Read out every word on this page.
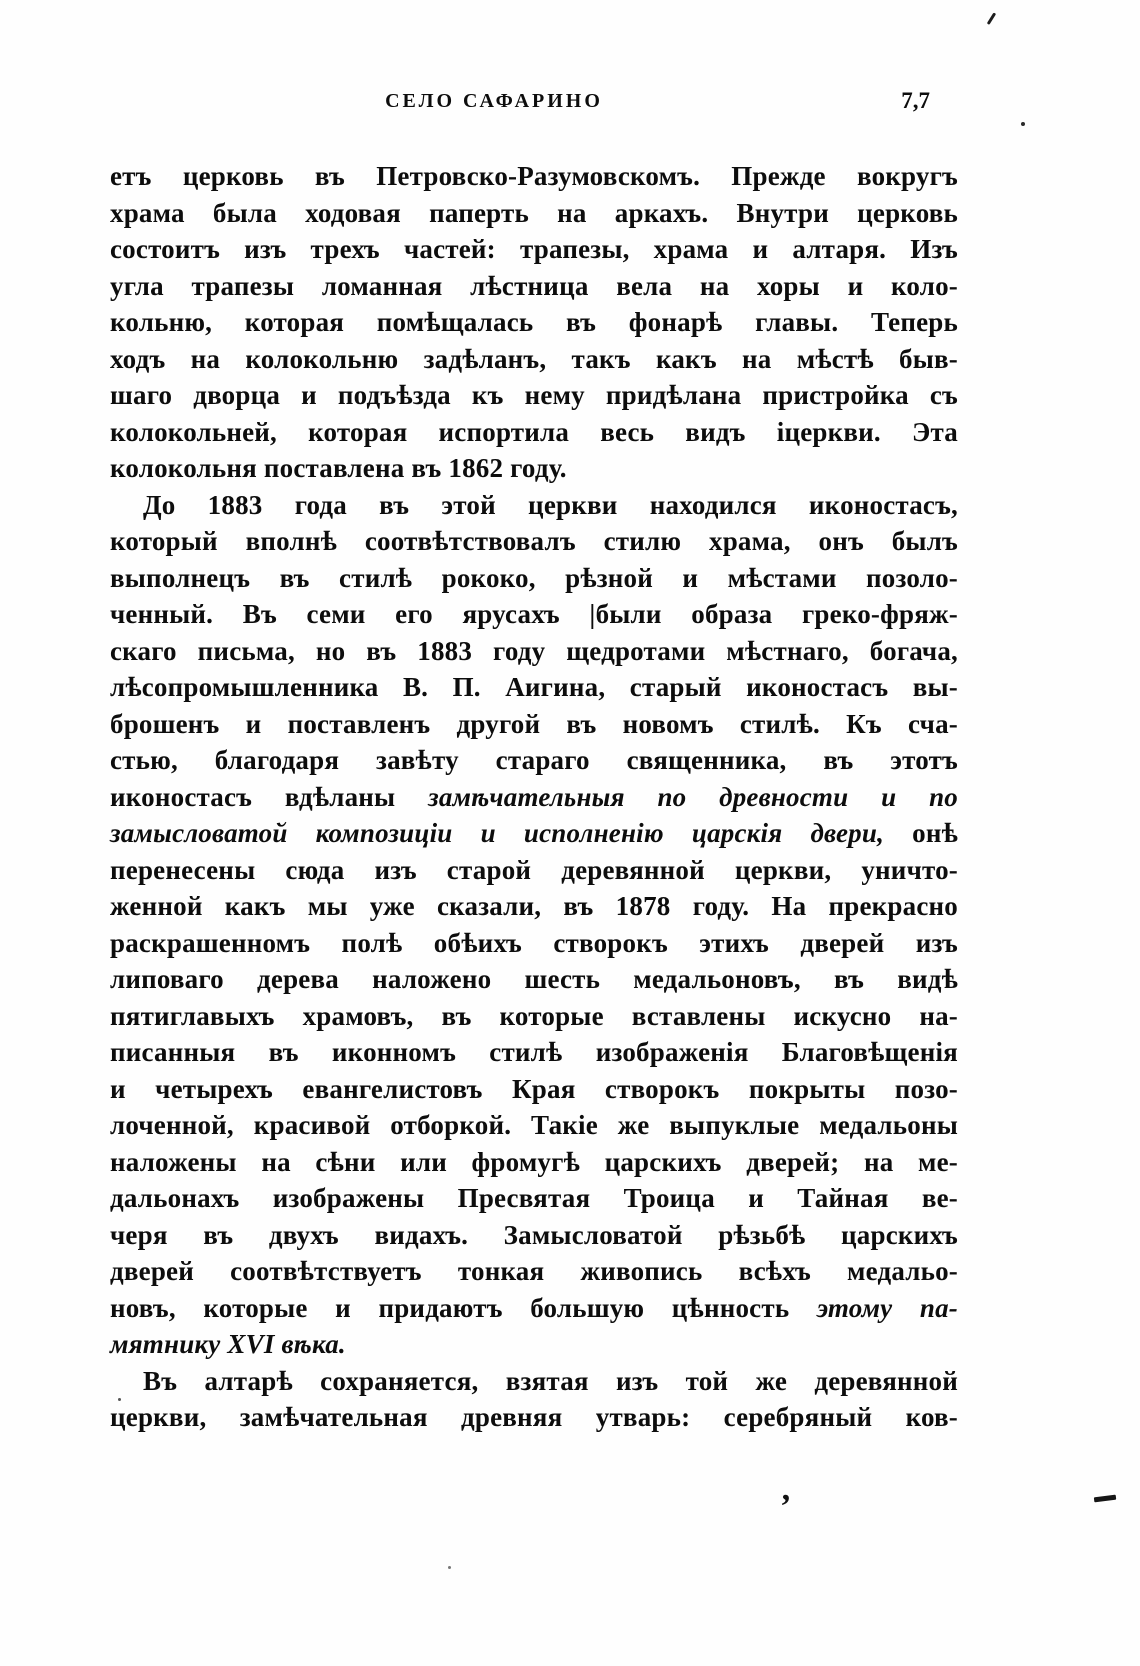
СЕЛО САФАРИНО	7,7
етъ церковь въ Петровско-Разумовскомъ. Прежде вокругъ
храма была ходовая паперть на аркахъ. Внутри церковь
состоитъ изъ трехъ частей: трапезы, храма и алтаря. Изъ
угла трапезы ломанная лѣстница вела на хоры и коло-
кольню, которая помѣщалась въ фонарѣ главы. Теперь
ходъ на колокольню задѣланъ, такъ какъ на мѣстѣ быв-
шаго дворца и подъѣзда къ нему придѣлана пристройка съ
колокольней, которая испортила весь видъ іцеркви. Эта
колокольня поставлена въ 1862 году.
До 1883 года въ этой церкви находился иконостасъ,
который вполнѣ соотвѣтствовалъ стилю храма, онъ былъ
выполнецъ въ стилѣ рококо, рѣзной и мѣстами позоло-
ченный. Въ семи его ярусахъ |были образа греко-фряж-
скаго письма, но въ 1883 году щедротами мѣстнаго, богача,
лѣсопромышленника В. П. Аигина, старый иконостасъ вы-
брошенъ и поставленъ другой въ новомъ стилѣ. Къ сча-
стью, благодаря завѣту стараго священника, въ этотъ
иконостасъ вдѣланы замѣчательныя по древности и по
замысловатой композиціи и исполненію царскія двери, онѣ
перенесены сюда изъ старой деревянной церкви, уничто-
женной какъ мы уже сказали, въ 1878 году. На прекрасно
раскрашенномъ полѣ обѣихъ створокъ этихъ дверей изъ
липоваго дерева наложено шесть медальоновъ, въ видѣ
пятиглавыхъ храмовъ, въ которые вставлены искусно на-
писанныя въ иконномъ стилѣ изображенія Благовѣщенія
и четырехъ евангелистовъ Края створокъ покрыты позо-
лоченной, красивой отборкой. Такіе же выпуклые медальоны
наложены на сѣни или фромугѣ царскихъ дверей; на ме-
дальонахъ изображены Пресвятая Троица и Тайная ве-
черя въ двухъ видахъ. Замысловатой рѣзьбѣ царскихъ
дверей соотвѣтствуетъ тонкая живопись всѣхъ медальо-
новъ, которые и придаютъ большую цѣнность этому па-
мятнику XVI вѣка.
Въ алтарѣ сохраняется, взятая изъ той же деревянной
церкви, замѣчательная древняя утварь: серебряный ков-
’
